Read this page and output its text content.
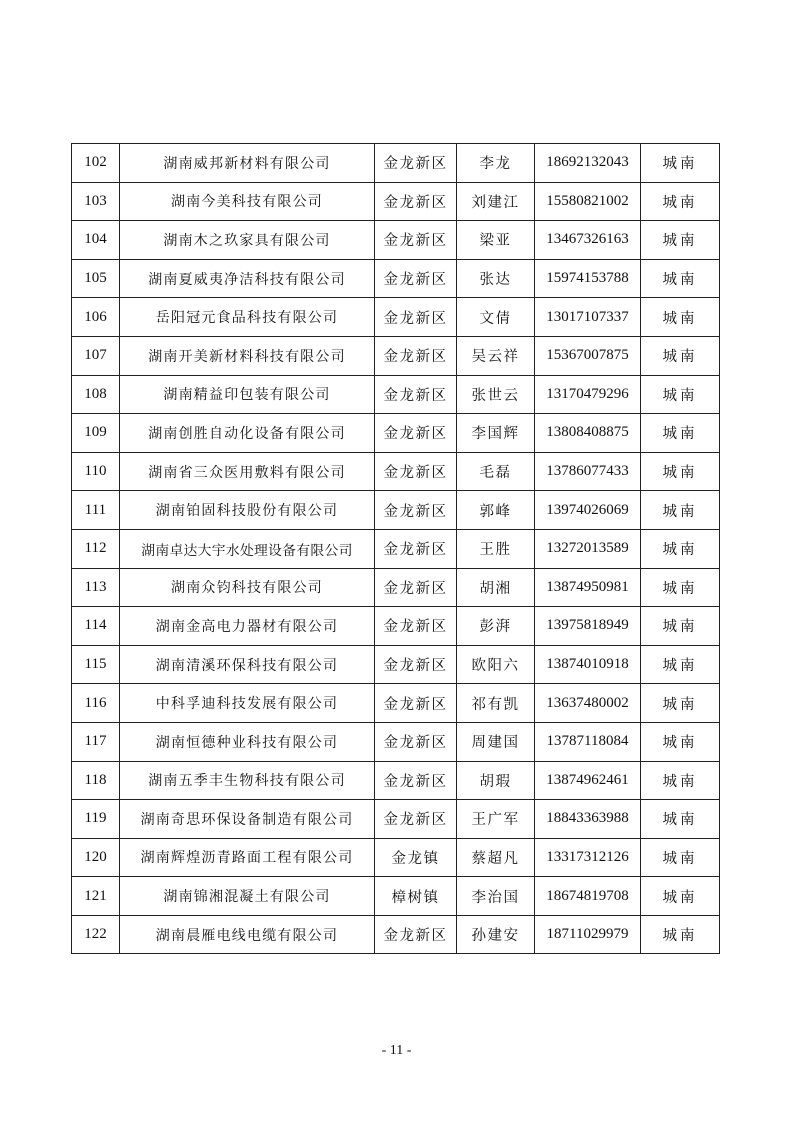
102	湖南威邦新材料有限公司	金龙新区	李龙	18692132043	城南
103	湖南今美科技有限公司	金龙新区	刘建江	15580821002	城南
104	湖南木之玖家具有限公司	金龙新区	梁亚	13467326163	城南
105	湖南夏威夷净洁科技有限公司	金龙新区	张达	15974153788	城南
106	岳阳冠元食品科技有限公司	金龙新区	文倩	13017107337	城南
107	湖南开美新材料科技有限公司	金龙新区	吴云祥	15367007875	城南
108	湖南精益印包装有限公司	金龙新区	张世云	13170479296	城南
109	湖南创胜自动化设备有限公司	金龙新区	李国辉	13808408875	城南
110	湖南省三众医用敷料有限公司	金龙新区	毛磊	13786077433	城南
111	湖南铂固科技股份有限公司	金龙新区	郭峰	13974026069	城南
112	湖南卓达大宇水处理设备有限公司	金龙新区	王胜	13272013589	城南
113	湖南众钧科技有限公司	金龙新区	胡湘	13874950981	城南
114	湖南金高电力器材有限公司	金龙新区	彭湃	13975818949	城南
115	湖南清溪环保科技有限公司	金龙新区	欧阳六	13874010918	城南
116	中科孚迪科技发展有限公司	金龙新区	祁有凯	13637480002	城南
117	湖南恒德种业科技有限公司	金龙新区	周建国	13787118084	城南
118	湖南五季丰生物科技有限公司	金龙新区	胡瑕	13874962461	城南
119	湖南奇思环保设备制造有限公司	金龙新区	王广军	18843363988	城南
120	湖南辉煌沥青路面工程有限公司	金龙镇	蔡超凡	13317312126	城南
121	湖南锦湘混凝土有限公司	樟树镇	李治国	18674819708	城南
122	湖南晨雁电线电缆有限公司	金龙新区	孙建安	18711029979	城南
- 11 -
